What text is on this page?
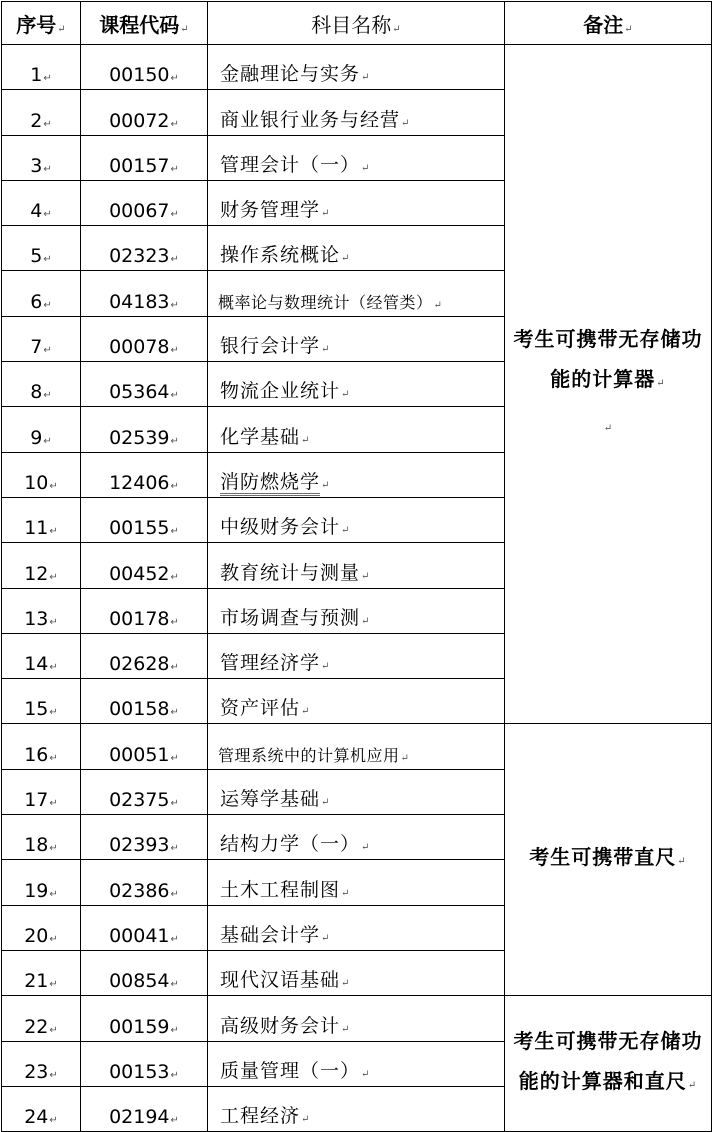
序号↵	课程代码↵	科目名称↵	备注↵
1↵	00150↵	金融理论与实务↵	考生可携带无存储功能的计算器↵
↵
2↵	00072↵	商业银行业务与经营↵	
3↵	00157↵	管理会计（一）↵	
4↵	00067↵	财务管理学↵	
5↵	02323↵	操作系统概论↵	
6↵	04183↵	概率论与数理统计（经管类）↵	
7↵	00078↵	银行会计学↵	
8↵	05364↵	物流企业统计↵	
9↵	02539↵	化学基础↵	
10↵	12406↵	消防燃烧学↵	
11↵	00155↵	中级财务会计↵	
12↵	00452↵	教育统计与测量↵	
13↵	00178↵	市场调查与预测↵	
14↵	02628↵	管理经济学↵	
15↵	00158↵	资产评估↵	
16↵	00051↵	管理系统中的计算机应用↵	考生可携带直尺↵
17↵	02375↵	运筹学基础↵	
18↵	02393↵	结构力学（一）↵	
19↵	02386↵	土木工程制图↵	
20↵	00041↵	基础会计学↵	
21↵	00854↵	现代汉语基础↵	
22↵	00159↵	高级财务会计↵	考生可携带无存储功能的计算器和直尺↵
23↵	00153↵	质量管理（一）↵	
24↵	02194↵	工程经济↵	
